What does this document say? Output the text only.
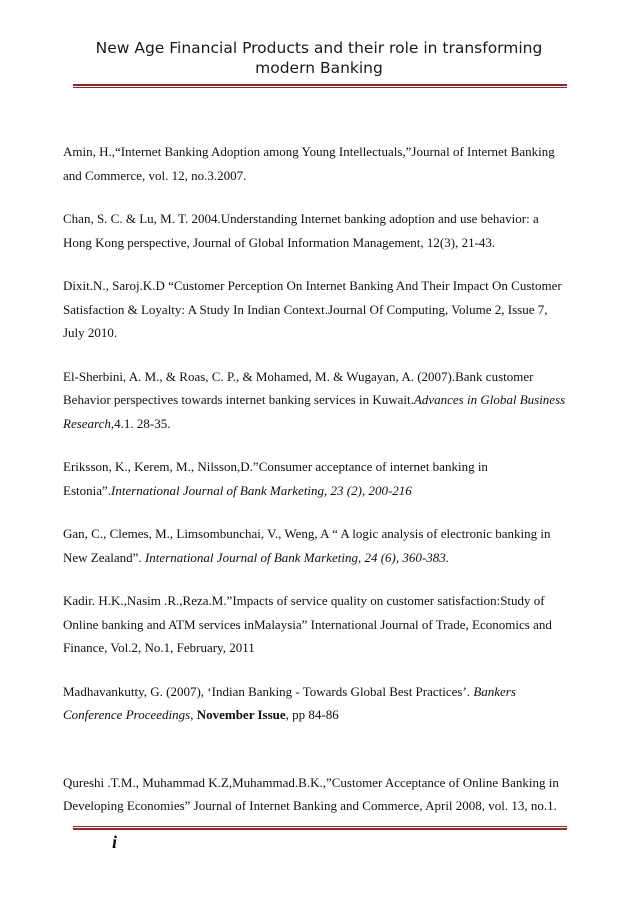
New Age Financial Products and their role in transforming
modern Banking

Amin, H.,“Internet Banking Adoption among Young Intellectuals,”Journal of Internet Banking and Commerce, vol. 12, no.3.2007.

Chan, S. C. & Lu, M. T. 2004.Understanding Internet banking adoption and use behavior: a Hong Kong perspective, Journal of Global Information Management, 12(3), 21-43.

Dixit.N., Saroj.K.D “Customer Perception On Internet Banking And Their Impact On Customer Satisfaction & Loyalty: A Study In Indian Context.Journal Of Computing, Volume 2, Issue 7, July 2010.

El-Sherbini, A. M., & Roas, C. P., & Mohamed, M. & Wugayan, A. (2007).Bank customer Behavior perspectives towards internet banking services in Kuwait.Advances in Global Business Research,4.1. 28-35.

Eriksson, K., Kerem, M., Nilsson,D.”Consumer acceptance of internet banking in Estonia”.International Journal of Bank Marketing, 23 (2), 200-216

Gan, C., Clemes, M., Limsombunchai, V., Weng, A “ A logic analysis of electronic banking in New Zealand”. International Journal of Bank Marketing, 24 (6), 360-383.

Kadir. H.K.,Nasim .R.,Reza.M.”Impacts of service quality on customer satisfaction:Study of Online banking and ATM services inMalaysia” International Journal of Trade, Economics and Finance, Vol.2, No.1, February, 2011

Madhavankutty, G. (2007), ‘Indian Banking - Towards Global Best Practices’. Bankers Conference Proceedings, November Issue, pp 84-86

Qureshi .T.M., Muhammad K.Z,Muhammad.B.K.,”Customer Acceptance of Online Banking in Developing Economies” Journal of Internet Banking and Commerce, April 2008, vol. 13, no.1.

i
